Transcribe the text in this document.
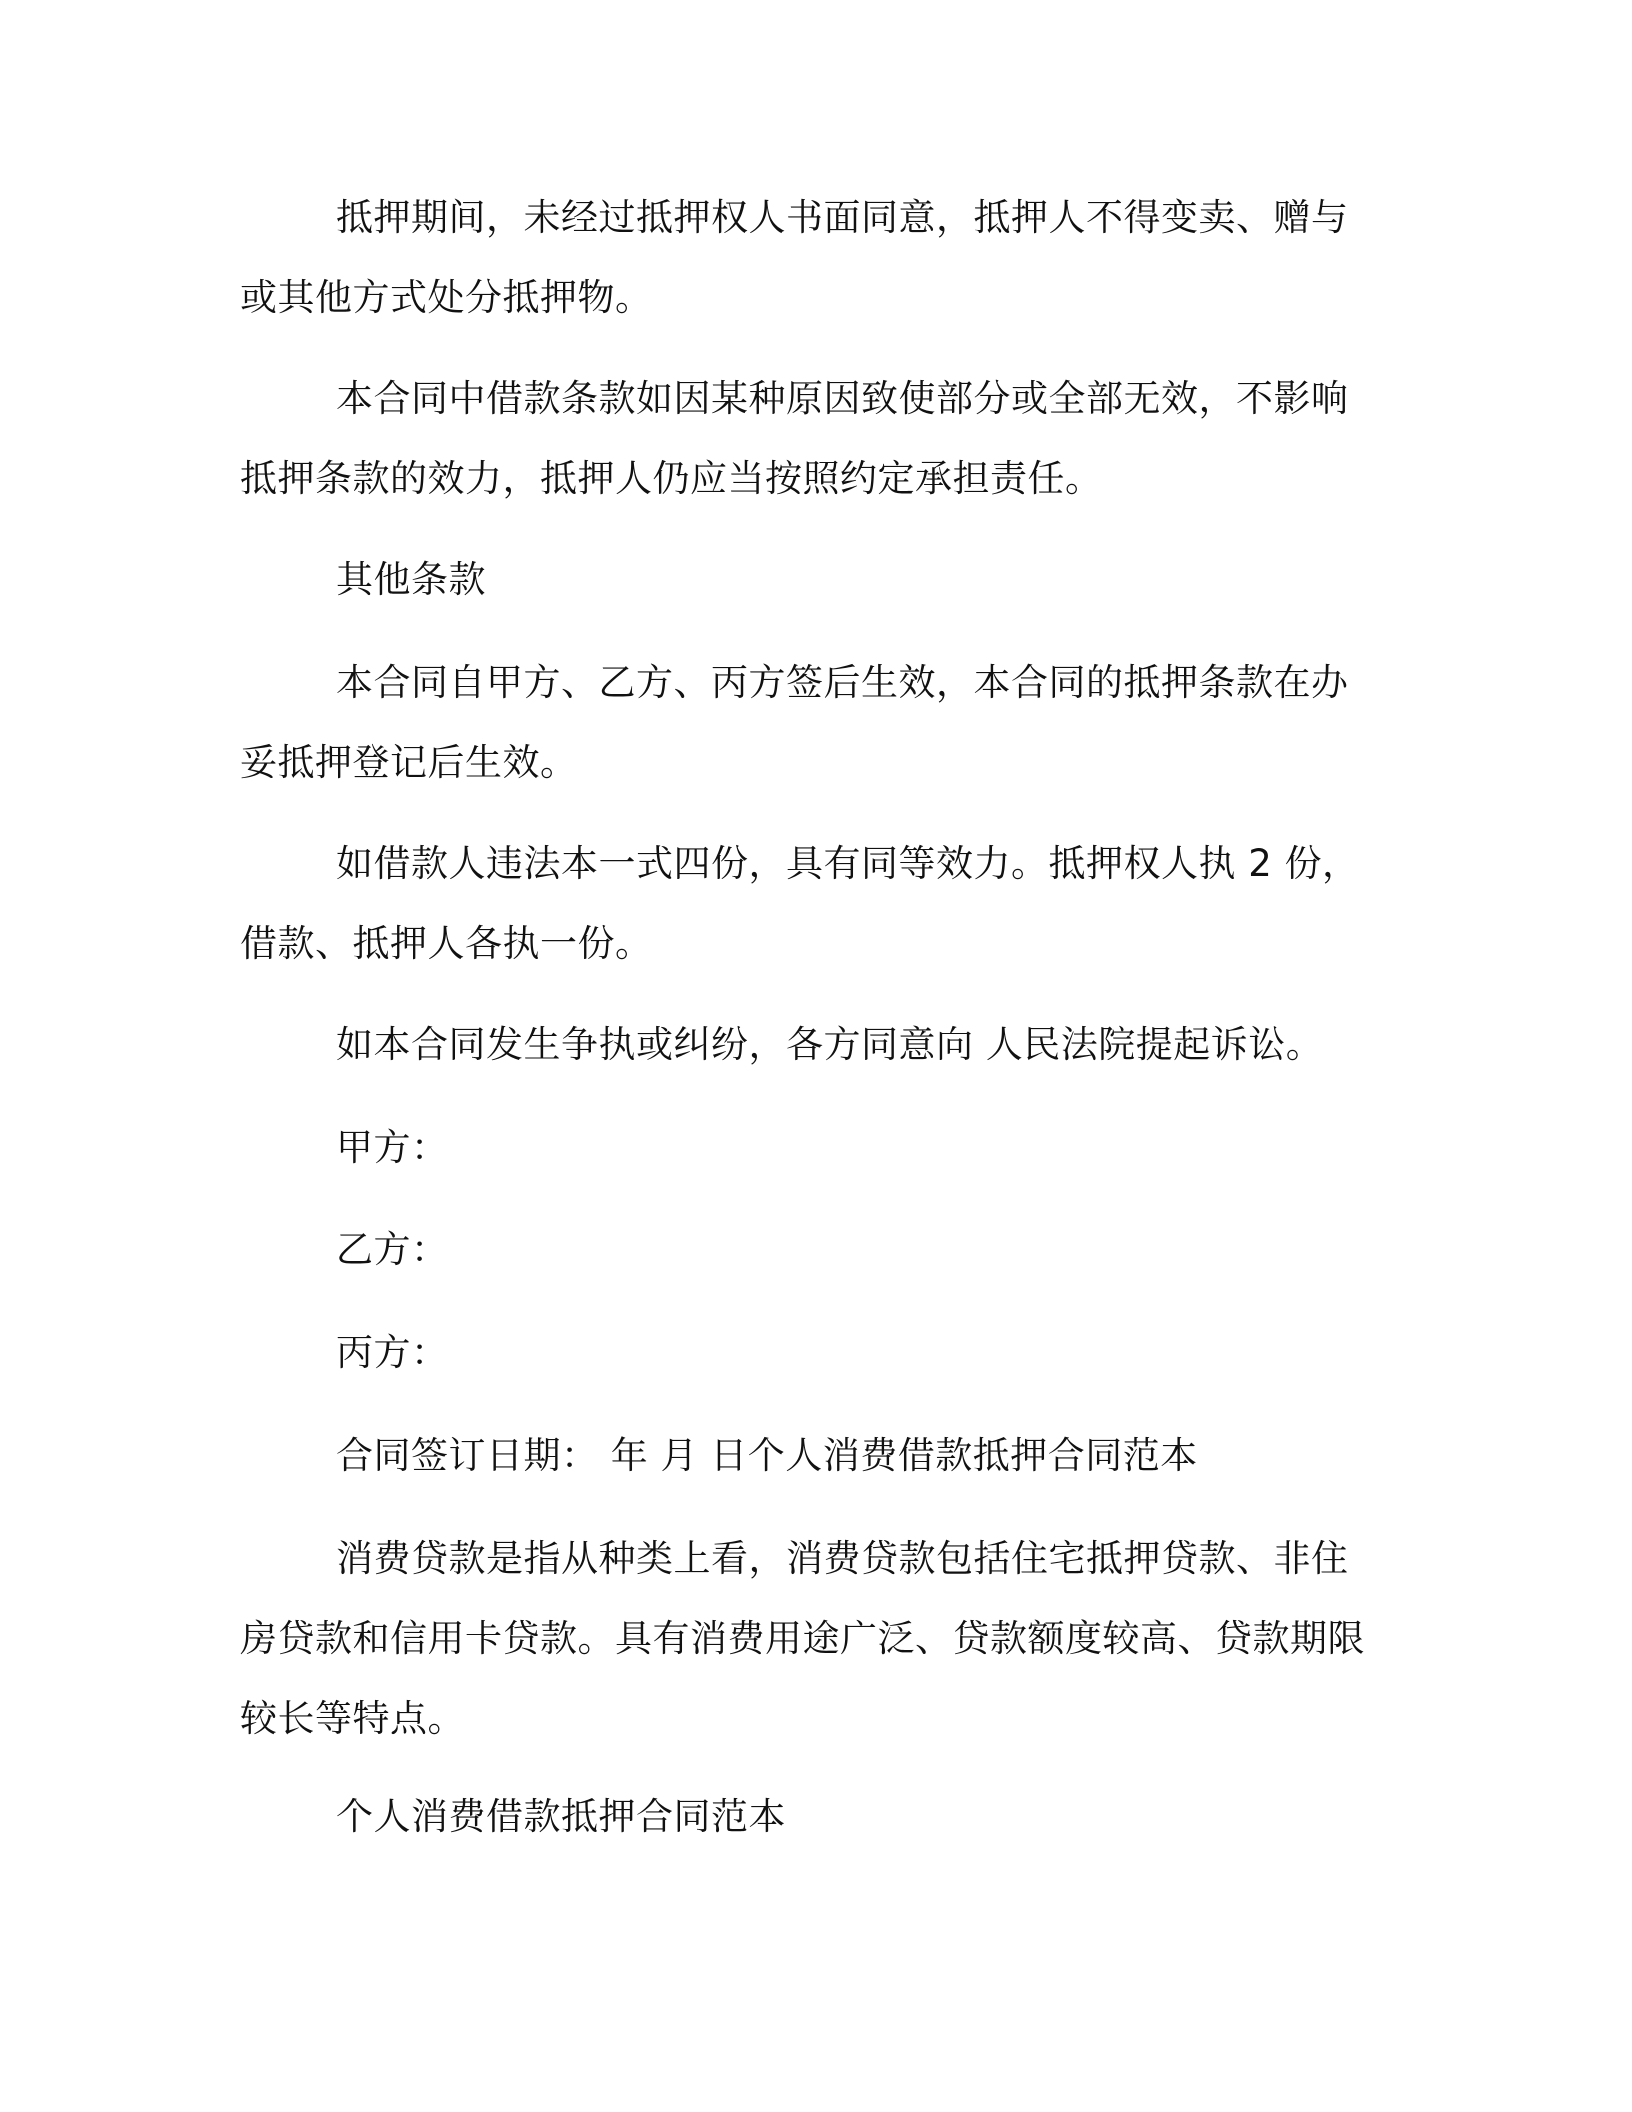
抵押期间，未经过抵押权人书面同意，抵押人不得变卖、赠与或其他方式处分抵押物。

本合同中借款条款如因某种原因致使部分或全部无效，不影响抵押条款的效力，抵押人仍应当按照约定承担责任。

其他条款

本合同自甲方、乙方、丙方签后生效，本合同的抵押条款在办妥抵押登记后生效。

如借款人违法本一式四份，具有同等效力。抵押权人执 2 份，借款、抵押人各执一份。

如本合同发生争执或纠纷，各方同意向 人民法院提起诉讼。

甲方：

乙方：

丙方：

合同签订日期： 年 月 日个人消费借款抵押合同范本

消费贷款是指从种类上看，消费贷款包括住宅抵押贷款、非住房贷款和信用卡贷款。具有消费用途广泛、贷款额度较高、贷款期限较长等特点。

个人消费借款抵押合同范本
